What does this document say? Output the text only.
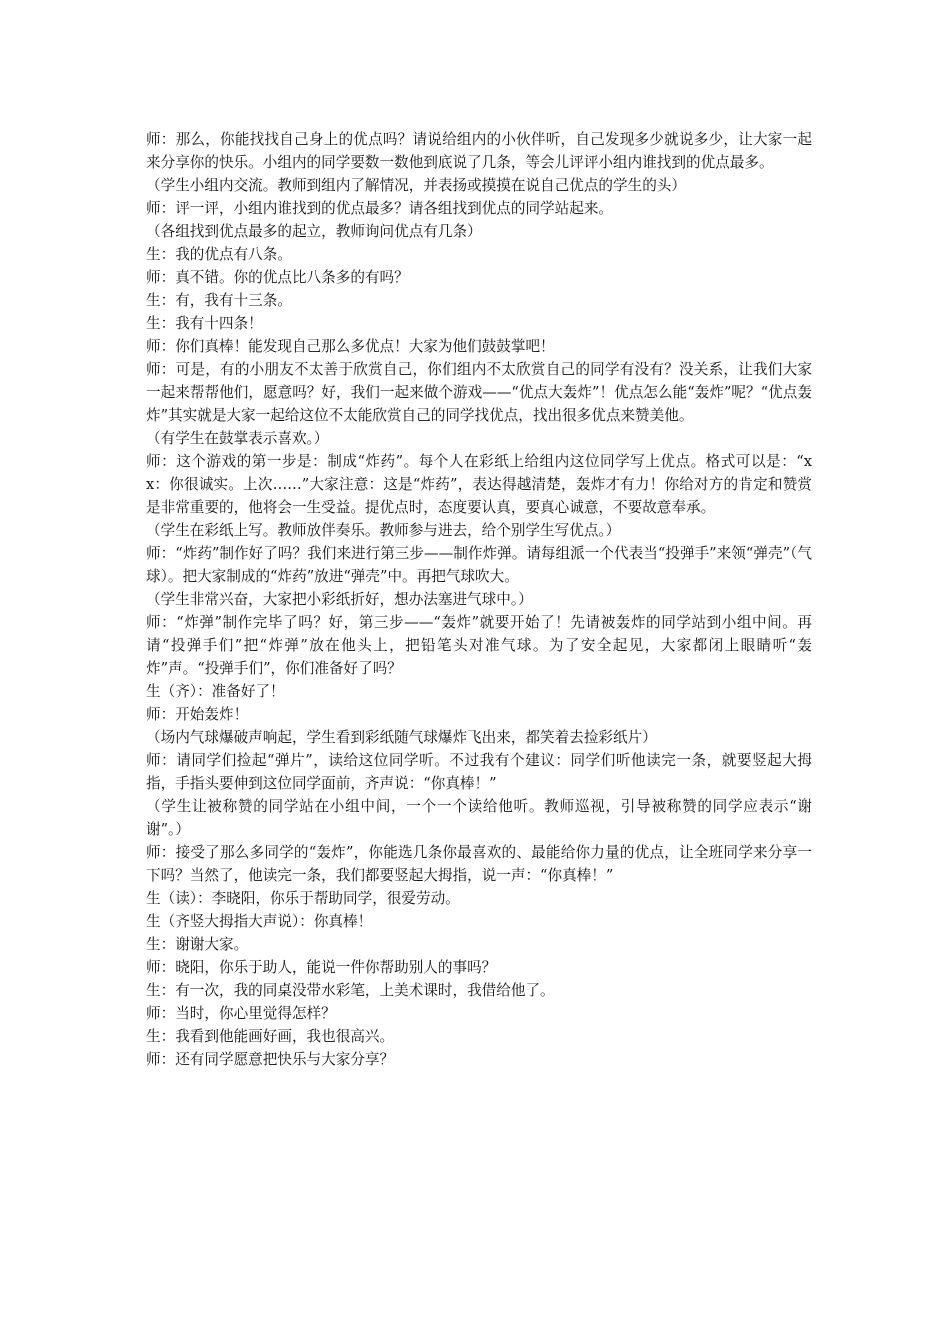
师：那么，你能找找自己身上的优点吗？请说给组内的小伙伴听，自己发现多少就说多少，让大家一起来分享你的快乐。小组内的同学要数一数他到底说了几条，等会儿评评小组内谁找到的优点最多。

（学生小组内交流。教师到组内了解情况，并表扬或摸摸在说自己优点的学生的头）

师：评一评，小组内谁找到的优点最多？请各组找到优点的同学站起来。

（各组找到优点最多的起立，教师询问优点有几条）

生：我的优点有八条。

师：真不错。你的优点比八条多的有吗？

生：有，我有十三条。

生：我有十四条！

师：你们真棒！能发现自己那么多优点！大家为他们鼓鼓掌吧！

师：可是，有的小朋友不太善于欣赏自己，你们组内不太欣赏自己的同学有没有？没关系，让我们大家一起来帮帮他们，愿意吗？好，我们一起来做个游戏——“优点大轰炸”！优点怎么能“轰炸”呢？“优点轰炸”其实就是大家一起给这位不太能欣赏自己的同学找优点，找出很多优点来赞美他。

（有学生在鼓掌表示喜欢。）

师：这个游戏的第一步是：制成“炸药”。每个人在彩纸上给组内这位同学写上优点。格式可以是：“xx：你很诚实。上次……”大家注意：这是“炸药”，表达得越清楚，轰炸才有力！你给对方的肯定和赞赏是非常重要的，他将会一生受益。提优点时，态度要认真，要真心诚意，不要故意奉承。

（学生在彩纸上写。教师放伴奏乐。教师参与进去，给个别学生写优点。）

师：“炸药”制作好了吗？我们来进行第三步——制作炸弹。请每组派一个代表当“投弹手”来领“弹壳”（气球）。把大家制成的“炸药”放进“弹壳”中。再把气球吹大。

（学生非常兴奋，大家把小彩纸折好，想办法塞进气球中。）

师：“炸弹”制作完毕了吗？好，第三步——“轰炸”就要开始了！先请被轰炸的同学站到小组中间。再请“投弹手们”把“炸弹”放在他头上，把铅笔头对准气球。为了安全起见，大家都闭上眼睛听“轰炸”声。“投弹手们”，你们准备好了吗？

生（齐）：准备好了！

师：开始轰炸！

（场内气球爆破声响起，学生看到彩纸随气球爆炸飞出来，都笑着去捡彩纸片）

师：请同学们捡起“弹片”，读给这位同学听。不过我有个建议：同学们听他读完一条，就要竖起大拇指，手指头要伸到这位同学面前，齐声说：“你真棒！”

（学生让被称赞的同学站在小组中间，一个一个读给他听。教师巡视，引导被称赞的同学应表示“谢谢”。）

师：接受了那么多同学的“轰炸”，你能选几条你最喜欢的、最能给你力量的优点，让全班同学来分享一下吗？当然了，他读完一条，我们都要竖起大拇指，说一声：“你真棒！”

生（读）：李晓阳，你乐于帮助同学，很爱劳动。

生（齐竖大拇指大声说）：你真棒！

生：谢谢大家。

师：晓阳，你乐于助人，能说一件你帮助别人的事吗？

生：有一次，我的同桌没带水彩笔，上美术课时，我借给他了。

师：当时，你心里觉得怎样？

生：我看到他能画好画，我也很高兴。

师：还有同学愿意把快乐与大家分享？
